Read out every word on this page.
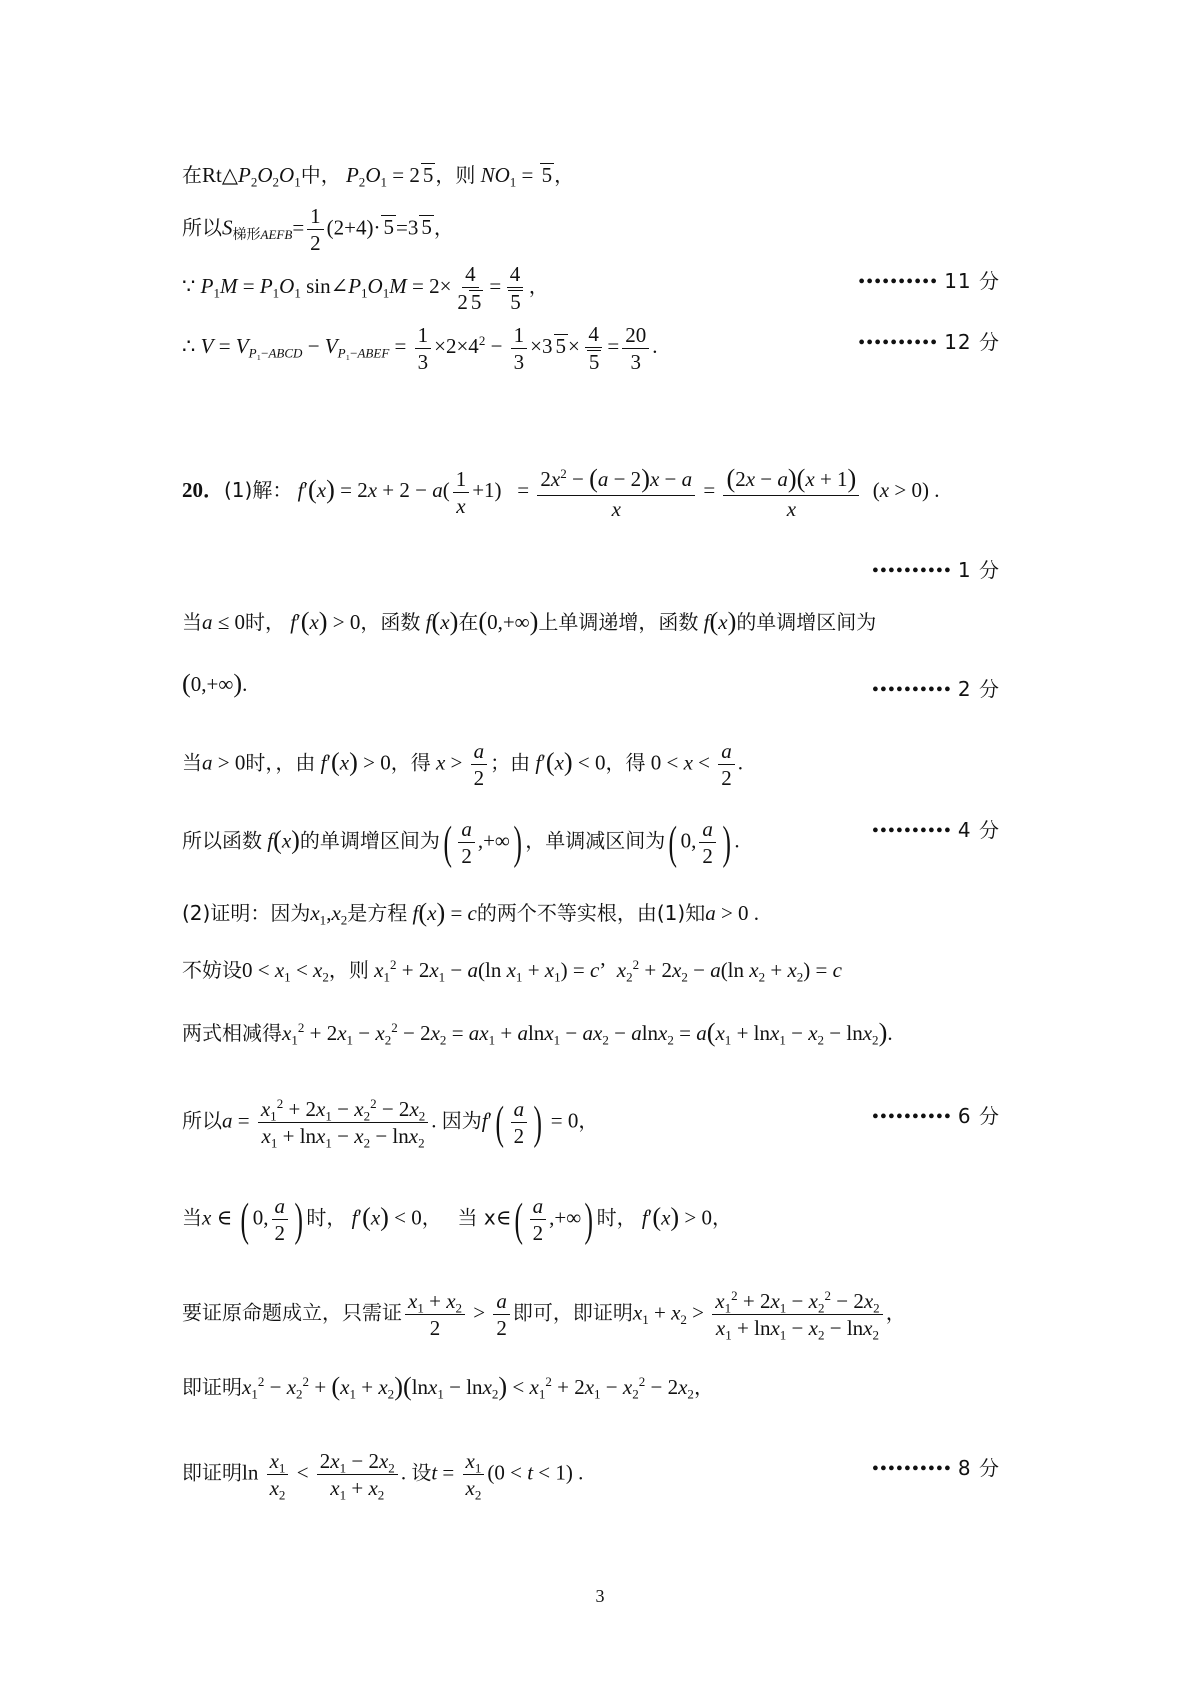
在$Rt\triangle P_2O_2O_1$中， $P_2O_1 = 2$ 5 ，则 $NO_1 = 5$ ，
所以$S_{梯形AEFB}= \frac{1}{2} (2+4)\cdot 5=3$ 5 ，
∵ $P_1M = P_1O_1$ $\sin\angle P_1O_1M = 2\times \frac{4}{2 5} = \frac{4}{5}$ ，	•••••••••• 11 分
∴ $V = V_{P_1-ABCD} - V_{P_1-ABEF} = \frac{1}{3} \times 2\times 4^2 - \frac{1}{3} \times 3$ $5\times \frac{4}{5} = \frac{20}{3}$ .	•••••••••• 12 分
20．(1)解： $f'(x) = 2x + 2 - a( \frac{1}{x} +1) = \frac{2x^2 - (a - 2)x - a}{x} = \frac{(2x - a)(x + 1)}{x} (x > 0)$ .
•••••••••• 1 分
当a ≤ 0时， f′(x) > 0，函数 f(x)在(0,+∞)上单调递增，函数 f(x)的单调增区间为
(0,+∞).	•••••••••• 2 分
当a > 0时，，由 f′(x) > 0，得 $x > \frac{a}{2}$ ；由 f′(x) < 0，得 $0 < x < \frac{a}{2}$ .
所以函数 f(x)的单调增区间为( $\frac{a}{2}$ ,+∞) ，单调减区间为( 0, $\frac{a}{2}$ ) .	•••••••••• 4 分
(2)证明：因为$x_1,x_2$是方程 f(x) = c的两个不等实根，由(1)知a > 0 .
不妨设$0 < x_1 < x_2$，则 $x_1^2 + 2x_1 - a(\ln$ $x_1 + x_1) = c$’ $x_2^2 + 2x_2 - a(\ln$ $x_2 + x_2) = c$
两式相减得$x_1^2 + 2x_1 - x_2^2 - 2x_2 = ax_1 + alnx_1 - ax_2 - alnx_2 = a(x_1 + \ln x_1 - x_2 - \ln x_2)$.
所以$a = \frac{x_1^2 + 2x_1 - x_2^2 - 2x_2}{x_1 + \ln x_1 - x_2 - \ln x_2}$ . 因为$f'( \frac{a}{2}$ ) = 0，	•••••••••• 6 分
当x ∈ ( 0, $\frac{a}{2}$ ) 时， f′(x) < 0， 当 x∈( $\frac{a}{2}$ ,+∞) 时， f′(x) > 0，
要证原命题成立，只需证 $\frac{x_1 + x_2}{2} > \frac{a}{2}$ 即可，即证明$x_1 + x_2 > \frac{x_1^2 + 2x_1 - x_2^2 - 2x_2}{x_1 + \ln x_1 - x_2 - \ln x_2}$ ，
即证明$x_1^2 - x_2^2 + (x_1 + x_2)(\ln x_1 - \ln x_2) < x_1^2 + 2x_1 - x_2^2 - 2x_2$，
即证明$\ln \frac{x_1}{x_2} < \frac{2x_1 - 2x_2}{x_1 + x_2}$ . 设$t = \frac{x_1}{x_2} (0 < t < 1)$ .	•••••••••• 8 分
3
